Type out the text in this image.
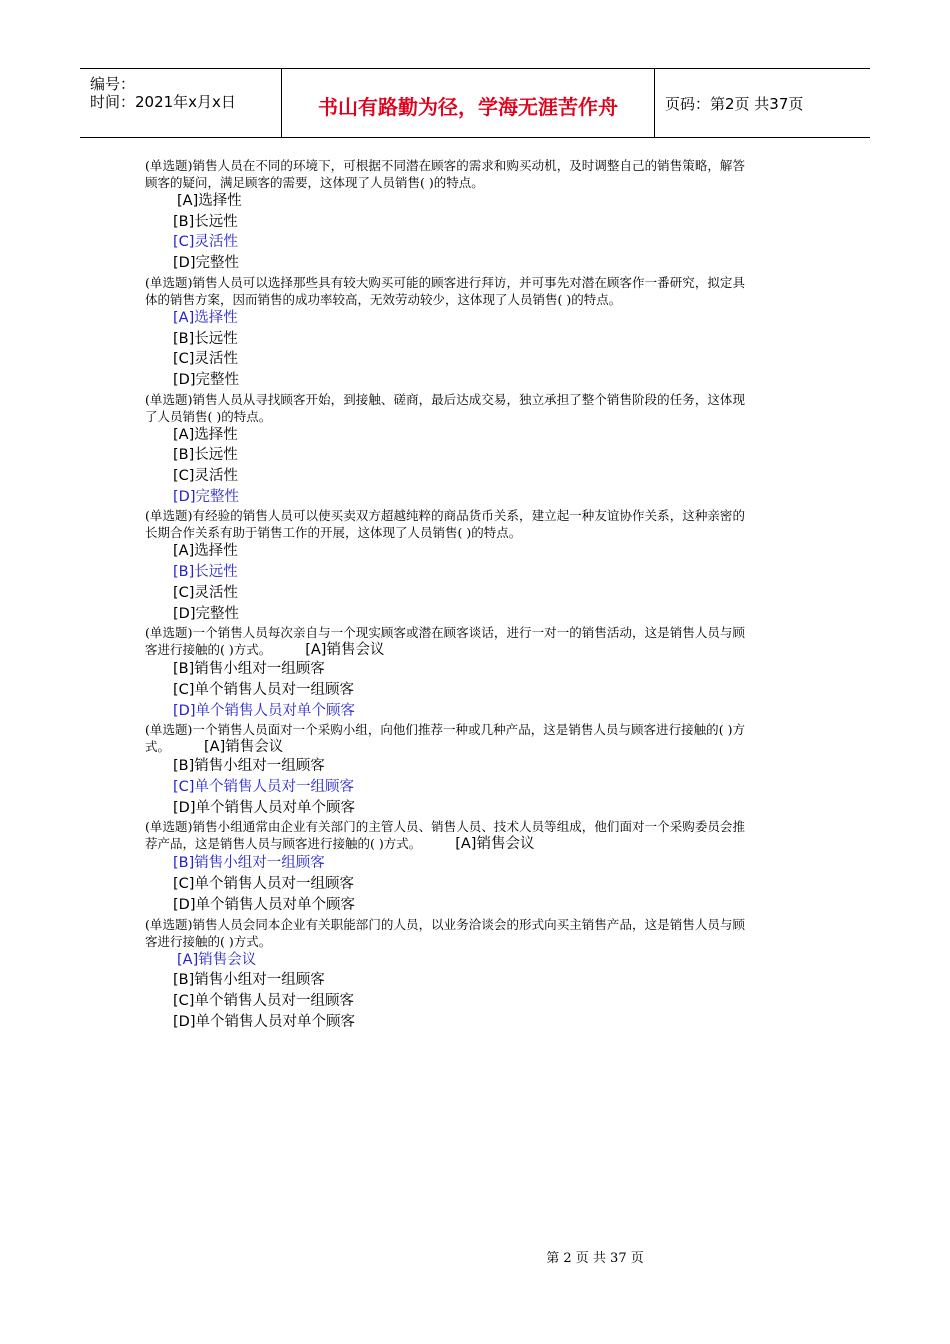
编号：
时间：2021年x月x日	书山有路勤为径，学海无涯苦作舟	页码：第2页 共37页

(单选题)销售人员在不同的环境下，可根据不同潜在顾客的需求和购买动机，及时调整自己的销售策略，解答顾客的疑问，满足顾客的需要，这体现了人员销售( )的特点。

[A]选择性
[B]长远性
[C]灵活性
[D]完整性

(单选题)销售人员可以选择那些具有较大购买可能的顾客进行拜访，并可事先对潜在顾客作一番研究，拟定具体的销售方案，因而销售的成功率较高，无效劳动较少，这体现了人员销售( )的特点。

[A]选择性
[B]长远性
[C]灵活性
[D]完整性

(单选题)销售人员从寻找顾客开始，到接触、磋商，最后达成交易，独立承担了整个销售阶段的任务，这体现了人员销售( )的特点。

[A]选择性
[B]长远性
[C]灵活性
[D]完整性

(单选题)有经验的销售人员可以使买卖双方超越纯粹的商品货币关系，建立起一种友谊协作关系，这种亲密的长期合作关系有助于销售工作的开展，这体现了人员销售( )的特点。

[A]选择性
[B]长远性
[C]灵活性
[D]完整性

(单选题)一个销售人员每次亲自与一个现实顾客或潜在顾客谈话，进行一对一的销售活动，这是销售人员与顾客进行接触的( )方式。 [A]销售会议

[B]销售小组对一组顾客
[C]单个销售人员对一组顾客
[D]单个销售人员对单个顾客

(单选题)一个销售人员面对一个采购小组，向他们推荐一种或几种产品，这是销售人员与顾客进行接触的( )方式。 [A]销售会议

[B]销售小组对一组顾客
[C]单个销售人员对一组顾客
[D]单个销售人员对单个顾客

(单选题)销售小组通常由企业有关部门的主管人员、销售人员、技术人员等组成，他们面对一个采购委员会推荐产品，这是销售人员与顾客进行接触的( )方式。 [A]销售会议

[B]销售小组对一组顾客
[C]单个销售人员对一组顾客
[D]单个销售人员对单个顾客

(单选题)销售人员会同本企业有关职能部门的人员，以业务洽谈会的形式向买主销售产品，这是销售人员与顾客进行接触的( )方式。

[A]销售会议
[B]销售小组对一组顾客
[C]单个销售人员对一组顾客
[D]单个销售人员对单个顾客
第 2 页 共 37 页
